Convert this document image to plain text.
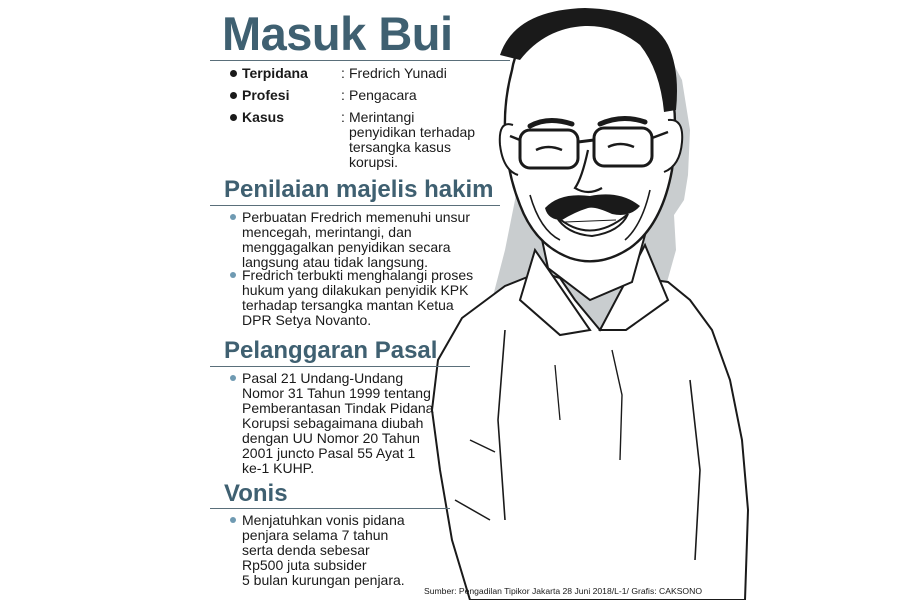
Masuk Bui
Terpidana : Fredrich Yunadi
Profesi	: Pengacara
Kasus	: Merintangi
penyidikan terhadap
tersangka kasus
korupsi.
Penilaian majelis hakim
Perbuatan Fredrich memenuhi unsur
mencegah, merintangi, dan
menggagalkan penyidikan secara
langsung atau tidak langsung.
Fredrich terbukti menghalangi proses
hukum yang dilakukan penyidik KPK
terhadap tersangka mantan Ketua
DPR Setya Novanto.
Pelanggaran Pasal
Pasal 21 Undang-Undang
Nomor 31 Tahun 1999 tentang
Pemberantasan Tindak Pidana
Korupsi sebagaimana diubah
dengan UU Nomor 20 Tahun
2001 juncto Pasal 55 Ayat 1
ke-1 KUHP.
Vonis
Menjatuhkan vonis pidana
penjara selama 7 tahun
serta denda sebesar
Rp500 juta subsider
5 bulan kurungan penjara.
Sumber: Pengadilan Tipikor Jakarta 28 Juni 2018/L-1/ Grafis: CAKSONO
